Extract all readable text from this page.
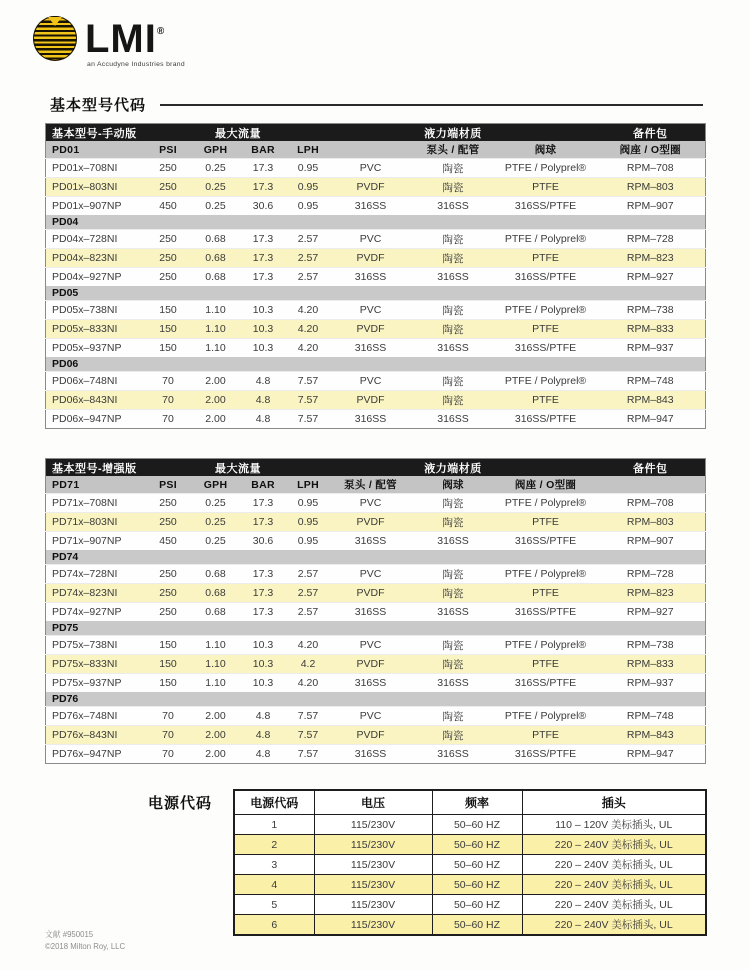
LMI®
an Accudyne Industries brand
基本型号代码
基本型号-手动版		最大流量				液力端材质		备件包
PD01	PSI	GPH	BAR	LPH		泵头 / 配管	阀球	阀座 / O型圈
PD01x–708NI	250	0.25	17.3	0.95	PVC	陶瓷	PTFE / Polyprel®	RPM–708
PD01x–803NI	250	0.25	17.3	0.95	PVDF	陶瓷	PTFE	RPM–803
PD01x–907NP	450	0.25	30.6	0.95	316SS	316SS	316SS/PTFE	RPM–907
PD04								
PD04x–728NI	250	0.68	17.3	2.57	PVC	陶瓷	PTFE / Polyprel®	RPM–728
PD04x–823NI	250	0.68	17.3	2.57	PVDF	陶瓷	PTFE	RPM–823
PD04x–927NP	250	0.68	17.3	2.57	316SS	316SS	316SS/PTFE	RPM–927
PD05								
PD05x–738NI	150	1.10	10.3	4.20	PVC	陶瓷	PTFE / Polyprel®	RPM–738
PD05x–833NI	150	1.10	10.3	4.20	PVDF	陶瓷	PTFE	RPM–833
PD05x–937NP	150	1.10	10.3	4.20	316SS	316SS	316SS/PTFE	RPM–937
PD06								
PD06x–748NI	70	2.00	4.8	7.57	PVC	陶瓷	PTFE / Polyprel®	RPM–748
PD06x–843NI	70	2.00	4.8	7.57	PVDF	陶瓷	PTFE	RPM–843
PD06x–947NP	70	2.00	4.8	7.57	316SS	316SS	316SS/PTFE	RPM–947
基本型号-增强版		最大流量				液力端材质		备件包
PD71	PSI	GPH	BAR	LPH	泵头 / 配管	阀球	阀座 / O型圈	
PD71x–708NI	250	0.25	17.3	0.95	PVC	陶瓷	PTFE / Polyprel®	RPM–708
PD71x–803NI	250	0.25	17.3	0.95	PVDF	陶瓷	PTFE	RPM–803
PD71x–907NP	450	0.25	30.6	0.95	316SS	316SS	316SS/PTFE	RPM–907
PD74								
PD74x–728NI	250	0.68	17.3	2.57	PVC	陶瓷	PTFE / Polyprel®	RPM–728
PD74x–823NI	250	0.68	17.3	2.57	PVDF	陶瓷	PTFE	RPM–823
PD74x–927NP	250	0.68	17.3	2.57	316SS	316SS	316SS/PTFE	RPM–927
PD75								
PD75x–738NI	150	1.10	10.3	4.20	PVC	陶瓷	PTFE / Polyprel®	RPM–738
PD75x–833NI	150	1.10	10.3	4.2	PVDF	陶瓷	PTFE	RPM–833
PD75x–937NP	150	1.10	10.3	4.20	316SS	316SS	316SS/PTFE	RPM–937
PD76								
PD76x–748NI	70	2.00	4.8	7.57	PVC	陶瓷	PTFE / Polyprel®	RPM–748
PD76x–843NI	70	2.00	4.8	7.57	PVDF	陶瓷	PTFE	RPM–843
PD76x–947NP	70	2.00	4.8	7.57	316SS	316SS	316SS/PTFE	RPM–947
电源代码	电源代码	电压	频率	插头
1	115/230V	50–60 HZ	110 – 120V 美标插头, UL
2	115/230V	50–60 HZ	220 – 240V 美标插头, UL
3	115/230V	50–60 HZ	220 – 240V 美标插头, UL
4	115/230V	50–60 HZ	220 – 240V 美标插头, UL
5	115/230V	50–60 HZ	220 – 240V 美标插头, UL
6	115/230V	50–60 HZ	220 – 240V 美标插头, UL
文献 #950015
©2018 Milton Roy, LLC
